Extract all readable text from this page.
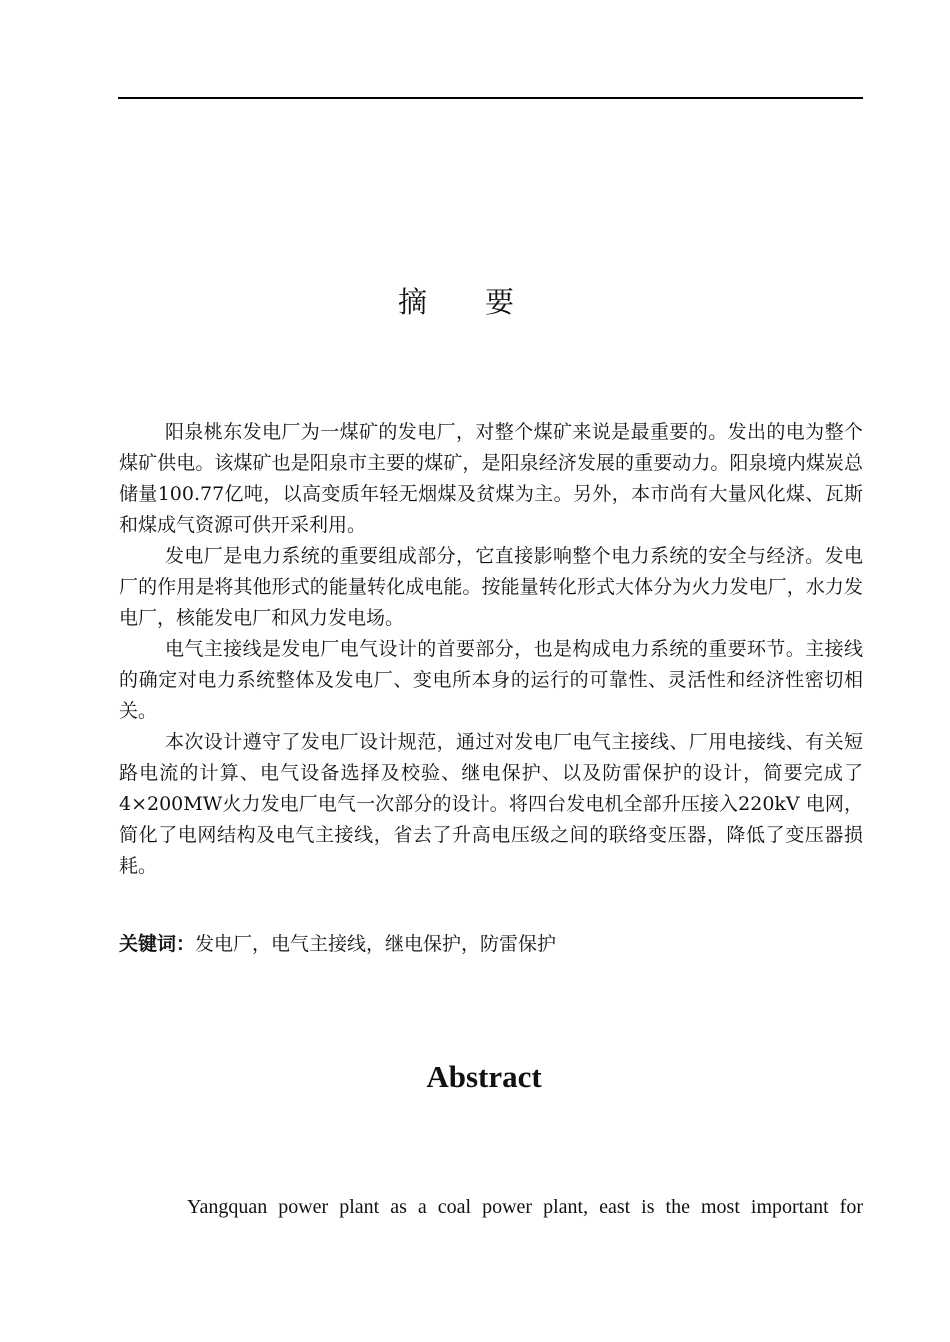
摘要

阳泉桃东发电厂为一煤矿的发电厂，对整个煤矿来说是最重要的。发出的电为整个煤矿供电。该煤矿也是阳泉市主要的煤矿，是阳泉经济发展的重要动力。阳泉境内煤炭总储量100.77亿吨，以高变质年轻无烟煤及贫煤为主。另外，本市尚有大量风化煤、瓦斯和煤成气资源可供开采利用。

发电厂是电力系统的重要组成部分，它直接影响整个电力系统的安全与经济。发电厂的作用是将其他形式的能量转化成电能。按能量转化形式大体分为火力发电厂，水力发电厂，核能发电厂和风力发电场。

电气主接线是发电厂电气设计的首要部分，也是构成电力系统的重要环节。主接线的确定对电力系统整体及发电厂、变电所本身的运行的可靠性、灵活性和经济性密切相关。

本次设计遵守了发电厂设计规范，通过对发电厂电气主接线、厂用电接线、有关短路电流的计算、电气设备选择及校验、继电保护、以及防雷保护的设计，简要完成了4×200MW火力发电厂电气一次部分的设计。将四台发电机全部升压接入220kV 电网，简化了电网结构及电气主接线，省去了升高电压级之间的联络变压器，降低了变压器损耗。

关键词：发电厂，电气主接线，继电保护，防雷保护
Abstract

Yangquan power plant as a coal power plant, east is the most important for
